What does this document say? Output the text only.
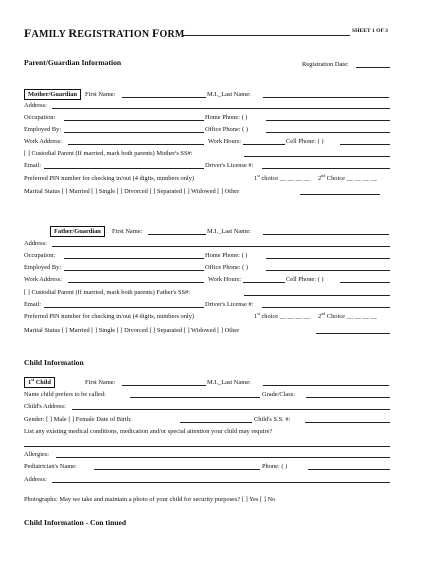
FAMILY REGISTRATION FORM	SHEET 1 OF 3
Parent/Guardian Information	Registration Date:
Mother/Guardian	First Name:	M.I._Last Name:
Address:
Occupation:	Home Phone: ( )
Employed By:	Office Phone: ( )
Work Address:	Work Hours:	Cell Phone: ( )
[ ] Custodial Parent (If married, mark both parents) Mother's SS#:
Email:	Driver's License #:
Preferred PIN number for checking in/out (4 digits, numbers only)	1st choice __ __ __ __ 2nd Choice __ __ __ __
Marital Status [ ] Married [ ] Single [ ] Divorced [ ] Separated [ ] Widowed [ ] Other
Father/Guardian	First Name:	M.I._Last Name:
Address:
Occupation:	Home Phone: ( )
Employed By:	Office Phone: ( )
Work Address:	Work Hours:	Cell Phone: ( )
[ ] Custodial Parent (If married, mark both parents) Father's SS#:
Email:	Driver's License #:
Preferred PIN number for checking in/out (4 digits, numbers only)	1st choice __ __ __ __ 2nd Choice __ __ __ __
Marital Status [ ] Married [ ] Single [ ] Divorced [ ] Separated [ ] Widowed [ ] Other
Child Information
1st Child	First Name:	M.I._Last Name:
Name child prefers to be called:	Grade/Class:
Child's Address:
Gender: [ ] Male [ ] Female Date of Birth:	Child's S.S. #:
List any existing medical conditions, medication and/or special attention your child may require?
Allergies:
Pediatrician's Name:	Phone: ( )
Address:
Photographs: May we take and maintain a photo of your child for security purposes? [ ] Yes [ ] No
Child Information - Con tinued
